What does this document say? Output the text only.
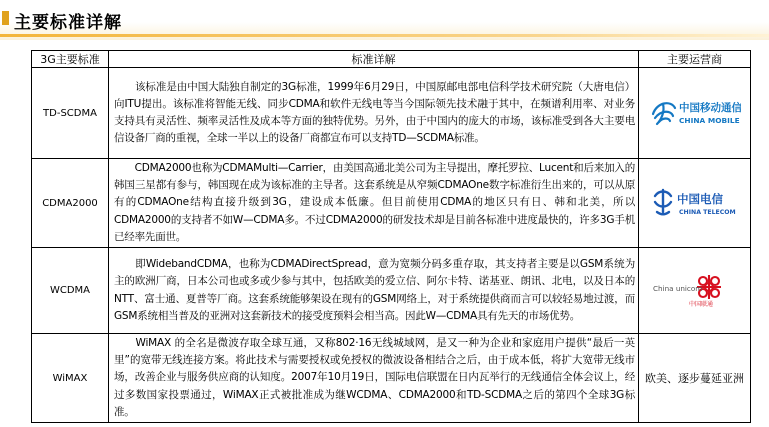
主要标准详解
3G主要标准	标准详解	主要运营商
TD-SCDMA	　　该标准是由中国大陆独自制定的3G标准，1999年6月29日，中国原邮电部电信科学技术研究院（大唐电信）向ITU提出。该标准将智能无线、同步CDMA和软件无线电等当今国际领先技术融于其中，在频谱利用率、对业务支持具有灵活性、频率灵活性及成本等方面的独特优势。另外，由于中国内的庞大的市场，该标准受到各大主要电信设备厂商的重视，全球一半以上的设备厂商都宣布可以支持TD—SCDMA标准。	中国移动通信
CHINA MOBILE

CDMA2000	　　CDMA2000也称为CDMAMulti—Carrier，由美国高通北美公司为主导提出，摩托罗拉、Lucent和后来加入的韩国三星都有参与，韩国现在成为该标准的主导者。这套系统是从窄频CDMAOne数字标准衍生出来的，可以从原有的CDMAOne结构直接升级到3G，建设成本低廉。但目前使用CDMA的地区只有日、韩和北美，所以CDMA2000的支持者不如W—CDMA多。不过CDMA2000的研发技术却是目前各标准中进度最快的，许多3G手机已经率先面世。	中国电信
CHINA TELECOM

WCDMA	　　即WidebandCDMA，也称为CDMADirectSpread，意为宽频分码多重存取，其支持者主要是以GSM系统为主的欧洲厂商，日本公司也或多或少参与其中，包括欧美的爱立信、阿尔卡特、诺基亚、朗讯、北电，以及日本的NTT、富士通、夏普等厂商。这套系统能够架设在现有的GSM网络上，对于系统提供商而言可以较轻易地过渡，而GSM系统相当普及的亚洲对这套新技术的接受度预料会相当高。因此W—CDMA具有先天的市场优势。	China unicom
中国联通

WiMAX	　　WiMAX 的全名是微波存取全球互通，又称802·16无线城域网，是又一种为企业和家庭用户提供“最后一英里”的宽带无线连接方案。将此技术与需要授权或免授权的微波设备相结合之后，由于成本低，将扩大宽带无线市场，改善企业与服务供应商的认知度。2007年10月19日，国际电信联盟在日内瓦举行的无线通信全体会议上，经过多数国家投票通过，WiMAX正式被批准成为继WCDMA、CDMA2000和TD-SCDMA之后的第四个全球3G标准。	欧美、逐步蔓延亚洲
